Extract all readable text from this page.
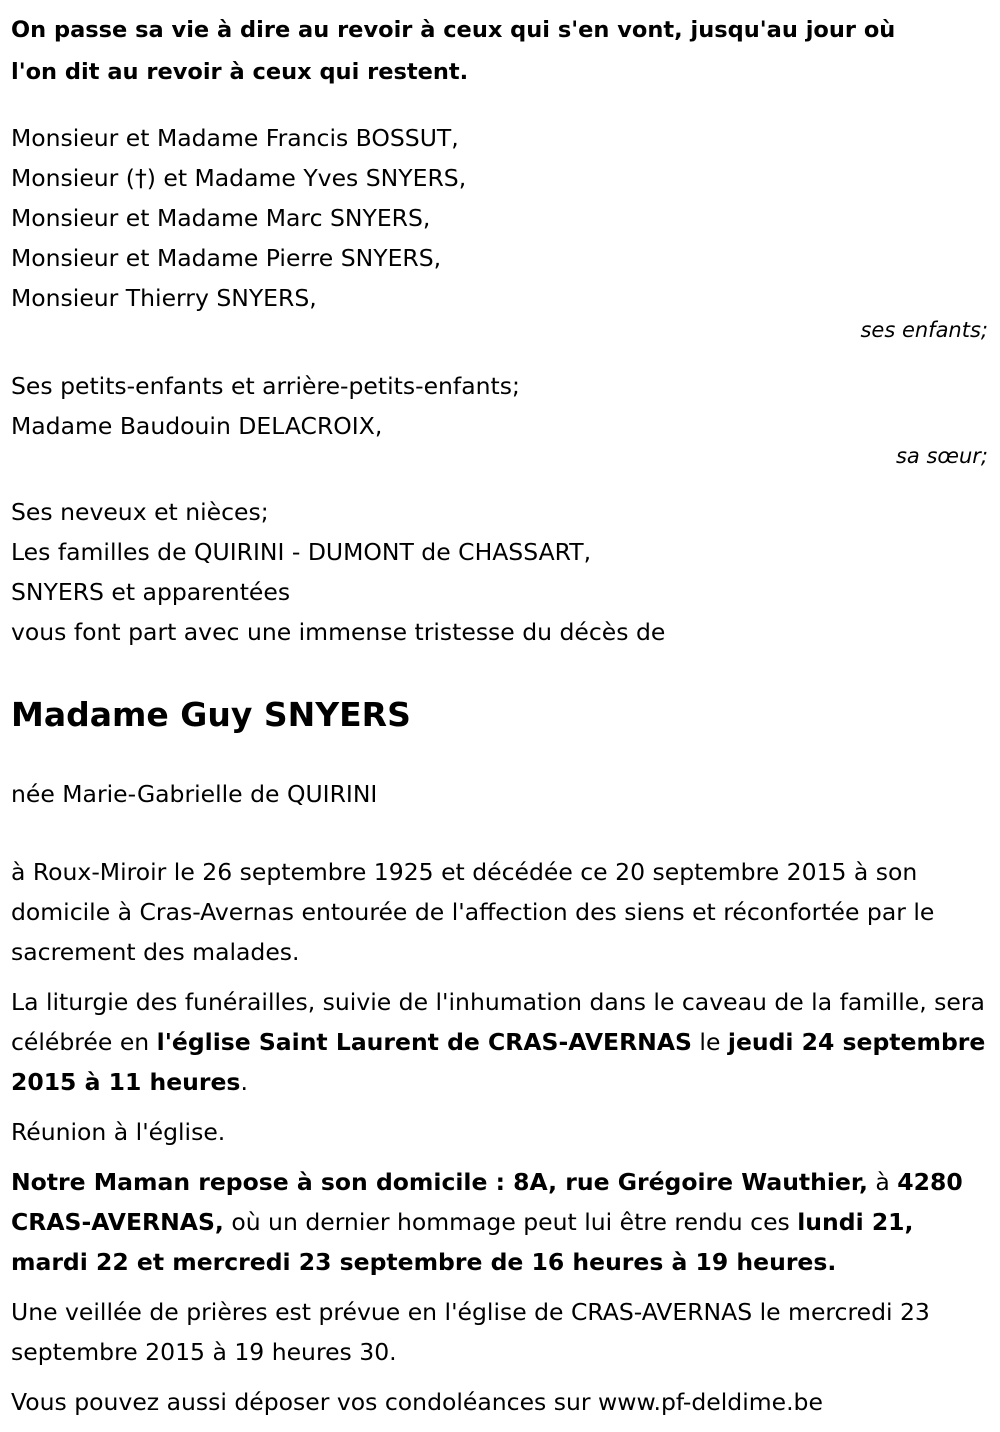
On passe sa vie à dire au revoir à ceux qui s'en vont, jusqu'au jour où
l'on dit au revoir à ceux qui restent.

Monsieur et Madame Francis BOSSUT,
Monsieur (†) et Madame Yves SNYERS,
Monsieur et Madame Marc SNYERS,
Monsieur et Madame Pierre SNYERS,
Monsieur Thierry SNYERS,
ses enfants;
Ses petits-enfants et arrière-petits-enfants;
Madame Baudouin DELACROIX,
sa sœur;
Ses neveux et nièces;
Les familles de QUIRINI - DUMONT de CHASSART,
SNYERS et apparentées
vous font part avec une immense tristesse du décès de
Madame Guy SNYERS
née Marie-Gabrielle de QUIRINI

à Roux-Miroir le 26 septembre 1925 et décédée ce 20 septembre 2015 à son domicile à Cras-Avernas entourée de l'affection des siens et réconfortée par le sacrement des malades.

La liturgie des funérailles, suivie de l'inhumation dans le caveau de la famille, sera célébrée en l'église Saint Laurent de CRAS-AVERNAS le jeudi 24 septembre 2015 à 11 heures.

Réunion à l'église.

Notre Maman repose à son domicile : 8A, rue Grégoire Wauthier, à 4280 CRAS-AVERNAS, où un dernier hommage peut lui être rendu ces lundi 21, mardi 22 et mercredi 23 septembre de 16 heures à 19 heures.

Une veillée de prières est prévue en l'église de CRAS-AVERNAS le mercredi 23 septembre 2015 à 19 heures 30.

Vous pouvez aussi déposer vos condoléances sur www.pf-deldime.be
